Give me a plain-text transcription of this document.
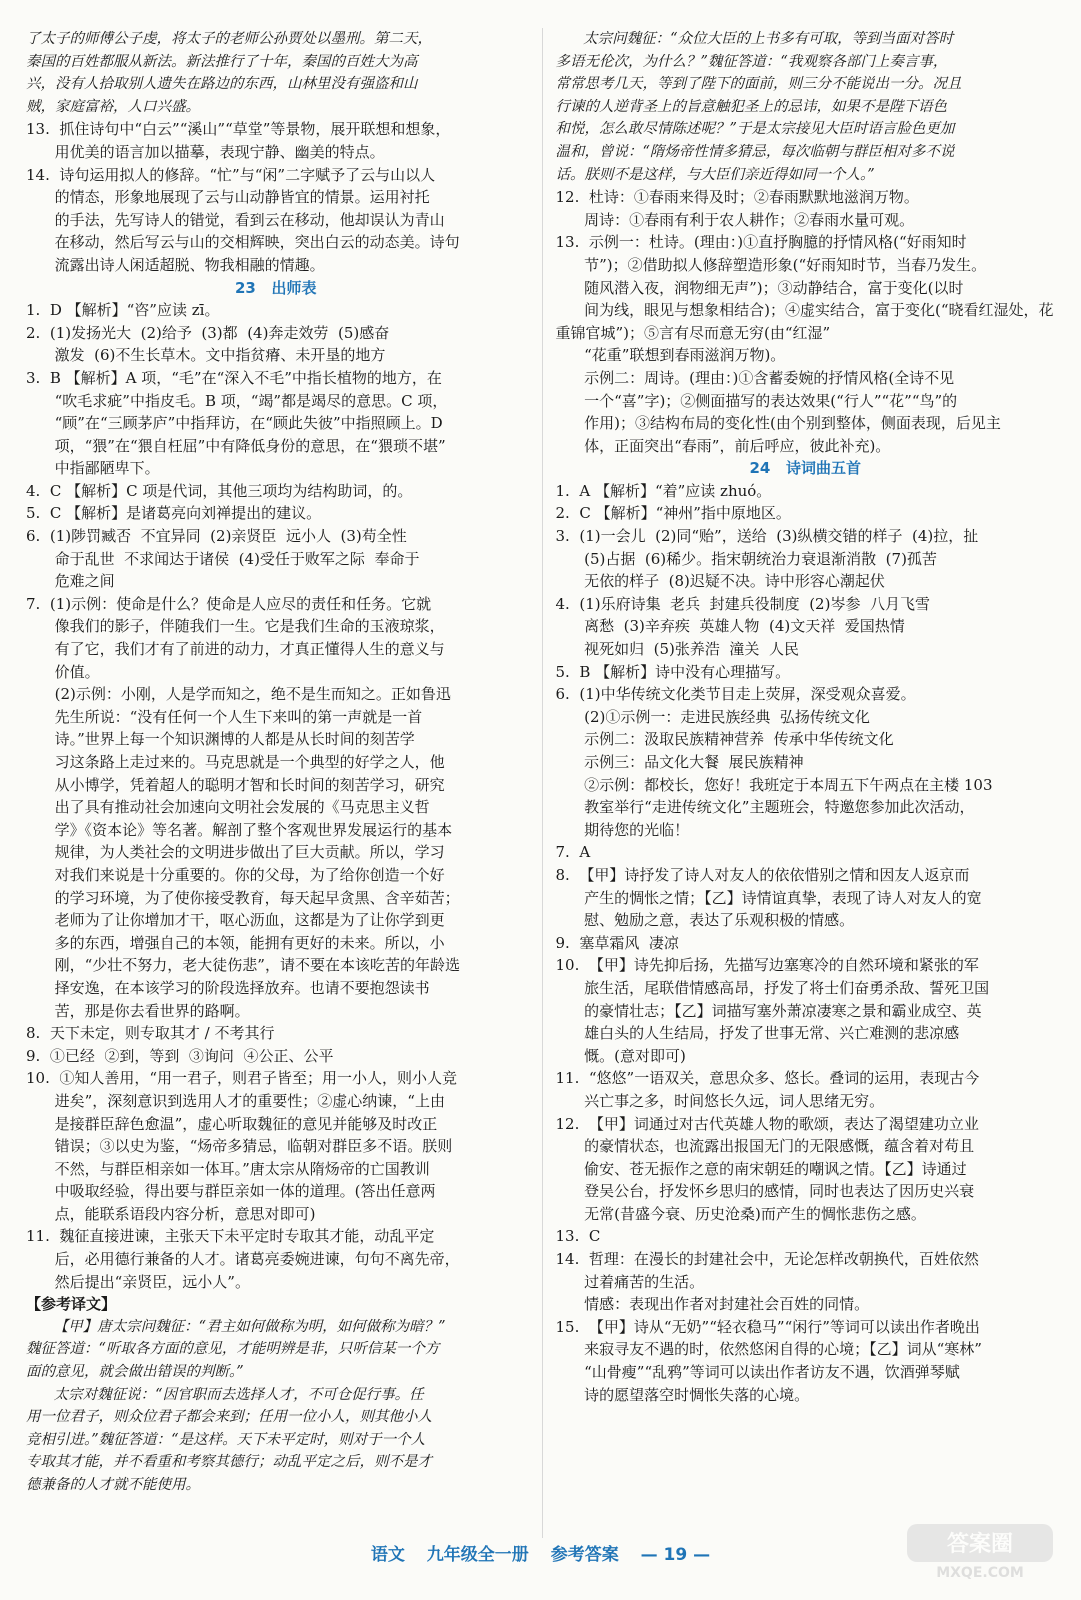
了太子的师傅公子虔，将太子的老师公孙贾处以墨刑。第二天，

秦国的百姓都服从新法。新法推行了十年，秦国的百姓大为高

兴，没有人拾取别人遗失在路边的东西，山林里没有强盗和山

贼，家庭富裕，人口兴盛。

13.  抓住诗句中“白云”“溪山”“草堂”等景物，展开联想和想象，

用优美的语言加以描摹，表现宁静、幽美的特点。

14.  诗句运用拟人的修辞。“忙”与“闲”二字赋予了云与山以人

的情态，形象地展现了云与山动静皆宜的情景。运用衬托

的手法，先写诗人的错觉，看到云在移动，他却误认为青山

在移动，然后写云与山的交相辉映，突出白云的动态美。诗句

流露出诗人闲适超脱、物我相融的情趣。

23   出师表

1.  D 【解析】“咨”应读 zī。

2.  (1)发扬光大  (2)给予  (3)都  (4)奔走效劳  (5)感奋

激发  (6)不生长草木。文中指贫瘠、未开垦的地方

3.  B 【解析】A 项，“毛”在“深入不毛”中指长植物的地方，在

“吹毛求疵”中指皮毛。B 项，“竭”都是竭尽的意思。C 项，

“顾”在“三顾茅庐”中指拜访，在“顾此失彼”中指照顾上。D

项，“猥”在“猥自枉屈”中有降低身份的意思，在“猥琐不堪”

中指鄙陋卑下。

4.  C 【解析】C 项是代词，其他三项均为结构助词，的。

5.  C 【解析】是诸葛亮向刘禅提出的建议。

6.  (1)陟罚臧否  不宜异同  (2)亲贤臣  远小人  (3)苟全性

命于乱世  不求闻达于诸侯  (4)受任于败军之际  奉命于

危难之间

7.  (1)示例：使命是什么？使命是人应尽的责任和任务。它就

像我们的影子，伴随我们一生。它是我们生命的玉液琼浆，

有了它，我们才有了前进的动力，才真正懂得人生的意义与

价值。

(2)示例：小刚，人是学而知之，绝不是生而知之。正如鲁迅

先生所说：“没有任何一个人生下来叫的第一声就是一首

诗。”世界上每一个知识渊博的人都是从长时间的刻苦学

习这条路上走过来的。马克思就是一个典型的好学之人，他

从小博学，凭着超人的聪明才智和长时间的刻苦学习，研究

出了具有推动社会加速向文明社会发展的《马克思主义哲

学》《资本论》等名著。解剖了整个客观世界发展运行的基本

规律，为人类社会的文明进步做出了巨大贡献。所以，学习

对我们来说是十分重要的。你的父母，为了给你创造一个好

的学习环境，为了使你接受教育，每天起早贪黑、含辛茹苦；

老师为了让你增加才干，呕心沥血，这都是为了让你学到更

多的东西，增强自己的本领，能拥有更好的未来。所以，小

刚，“少壮不努力，老大徒伤悲”，请不要在本该吃苦的年龄选

择安逸，在本该学习的阶段选择放弃。也请不要抱怨读书

苦，那是你去看世界的路啊。

8.  天下未定，则专取其才 / 不考其行

9.  ①已经  ②到，等到  ③询问  ④公正、公平

10.  ①知人善用，“用一君子，则君子皆至；用一小人，则小人竞

进矣”，深刻意识到选用人才的重要性；②虚心纳谏，“上由

是接群臣辞色愈温”，虚心听取魏征的意见并能够及时改正

错误；③以史为鉴，“炀帝多猜忌，临朝对群臣多不语。朕则

不然，与群臣相亲如一体耳。”唐太宗从隋炀帝的亡国教训

中吸取经验，得出要与群臣亲如一体的道理。(答出任意两

点，能联系语段内容分析，意思对即可)

11.  魏征直接进谏，主张天下未平定时专取其才能，动乱平定

后，必用德行兼备的人才。诸葛亮委婉进谏，句句不离先帝，

然后提出“亲贤臣，远小人”。

【参考译文】

【甲】唐太宗问魏征：“君主如何做称为明，如何做称为暗？”

魏征答道：“听取各方面的意见，才能明辨是非，只听信某一个方

面的意见，就会做出错误的判断。”

太宗对魏征说：“因官职而去选择人才，不可仓促行事。任

用一位君子，则众位君子都会来到；任用一位小人，则其他小人

竞相引进。”魏征答道：“是这样。天下未平定时，则对于一个人

专取其才能，并不看重和考察其德行；动乱平定之后，则不是才

德兼备的人才就不能使用。

太宗问魏征：“众位大臣的上书多有可取，等到当面对答时

多语无伦次，为什么？”魏征答道：“我观察各部门上奏言事，

常常思考几天，等到了陛下的面前，则三分不能说出一分。况且

行谏的人逆背圣上的旨意触犯圣上的忌讳，如果不是陛下语色

和悦，怎么敢尽情陈述呢？”于是太宗接见大臣时语言脸色更加

温和，曾说：“隋炀帝性情多猜忌，每次临朝与群臣相对多不说

话。朕则不是这样，与大臣们亲近得如同一个人。”

12.  杜诗：①春雨来得及时；②春雨默默地滋润万物。

周诗：①春雨有利于农人耕作；②春雨水量可观。

13.  示例一：杜诗。(理由：)①直抒胸臆的抒情风格(“好雨知时

节”)；②借助拟人修辞塑造形象(“好雨知时节，当春乃发生。

随风潜入夜，润物细无声”)；③动静结合，富于变化(以时

间为线，眼见与想象相结合)；④虚实结合，富于变化(“晓看红湿处，花重锦官城”)；⑤言有尽而意无穷(由“红湿”

“花重”联想到春雨滋润万物)。

示例二：周诗。(理由：)①含蓄委婉的抒情风格(全诗不见

一个“喜”字)；②侧面描写的表达效果(“行人”“花”“鸟”的

作用)；③结构布局的变化性(由个别到整体，侧面表现，后见主

体，正面突出“春雨”，前后呼应，彼此补充)。

24   诗词曲五首

1.  A 【解析】“着”应读 zhuó。

2.  C 【解析】“神州”指中原地区。

3.  (1)一会儿  (2)同“贻”，送给  (3)纵横交错的样子  (4)拉，扯

(5)占据  (6)稀少。指宋朝统治力衰退渐消散  (7)孤苦

无依的样子  (8)迟疑不决。诗中形容心潮起伏

4.  (1)乐府诗集  老兵  封建兵役制度  (2)岑参  八月飞雪

离愁  (3)辛弃疾  英雄人物  (4)文天祥  爱国热情

视死如归  (5)张养浩  潼关  人民

5.  B 【解析】诗中没有心理描写。

6.  (1)中华传统文化类节目走上荧屏，深受观众喜爱。

(2)①示例一：走进民族经典  弘扬传统文化

示例二：汲取民族精神营养  传承中华传统文化

示例三：品文化大餐  展民族精神

②示例：都校长，您好！我班定于本周五下午两点在主楼 103

教室举行“走进传统文化”主题班会，特邀您参加此次活动，

期待您的光临！

7.  A

8.  【甲】诗抒发了诗人对友人的依依惜别之情和因友人返京而

产生的惆怅之情；【乙】诗情谊真挚，表现了诗人对友人的宽

慰、勉励之意，表达了乐观积极的情感。

9.  塞草霜风  凄凉

10.  【甲】诗先抑后扬，先描写边塞寒冷的自然环境和紧张的军

旅生活，尾联借情感高昂，抒发了将士们奋勇杀敌、誓死卫国

的豪情壮志；【乙】词描写塞外萧凉凄寒之景和霸业成空、英

雄白头的人生结局，抒发了世事无常、兴亡难测的悲凉感

慨。(意对即可)

11.  “悠悠”一语双关，意思众多、悠长。叠词的运用，表现古今

兴亡事之多，时间悠长久远，词人思绪无穷。

12.  【甲】词通过对古代英雄人物的歌颂，表达了渴望建功立业

的豪情状态，也流露出报国无门的无限感慨，蕴含着对苟且

偷安、苍无振作之意的南宋朝廷的嘲讽之情。【乙】诗通过

登吴公台，抒发怀乡思归的感情，同时也表达了因历史兴衰

无常(昔盛今衰、历史沧桑)而产生的惆怅悲伤之感。

13.  C

14.  哲理：在漫长的封建社会中，无论怎样改朝换代，百姓依然

过着痛苦的生活。

情感：表现出作者对封建社会百姓的同情。

15.  【甲】诗从“无奶”“轻衣稳马”“闲行”等词可以读出作者晚出

来寂寻友不遇的时，依然悠闲自得的心境；【乙】词从“寒林”

“山骨瘦”“乱鸦”等词可以读出作者访友不遇，饮酒弹琴赋

诗的愿望落空时惆怅失落的心境。

语文 九年级全一册 参考答案 — 19 —	答案圈
MXQE.COM
